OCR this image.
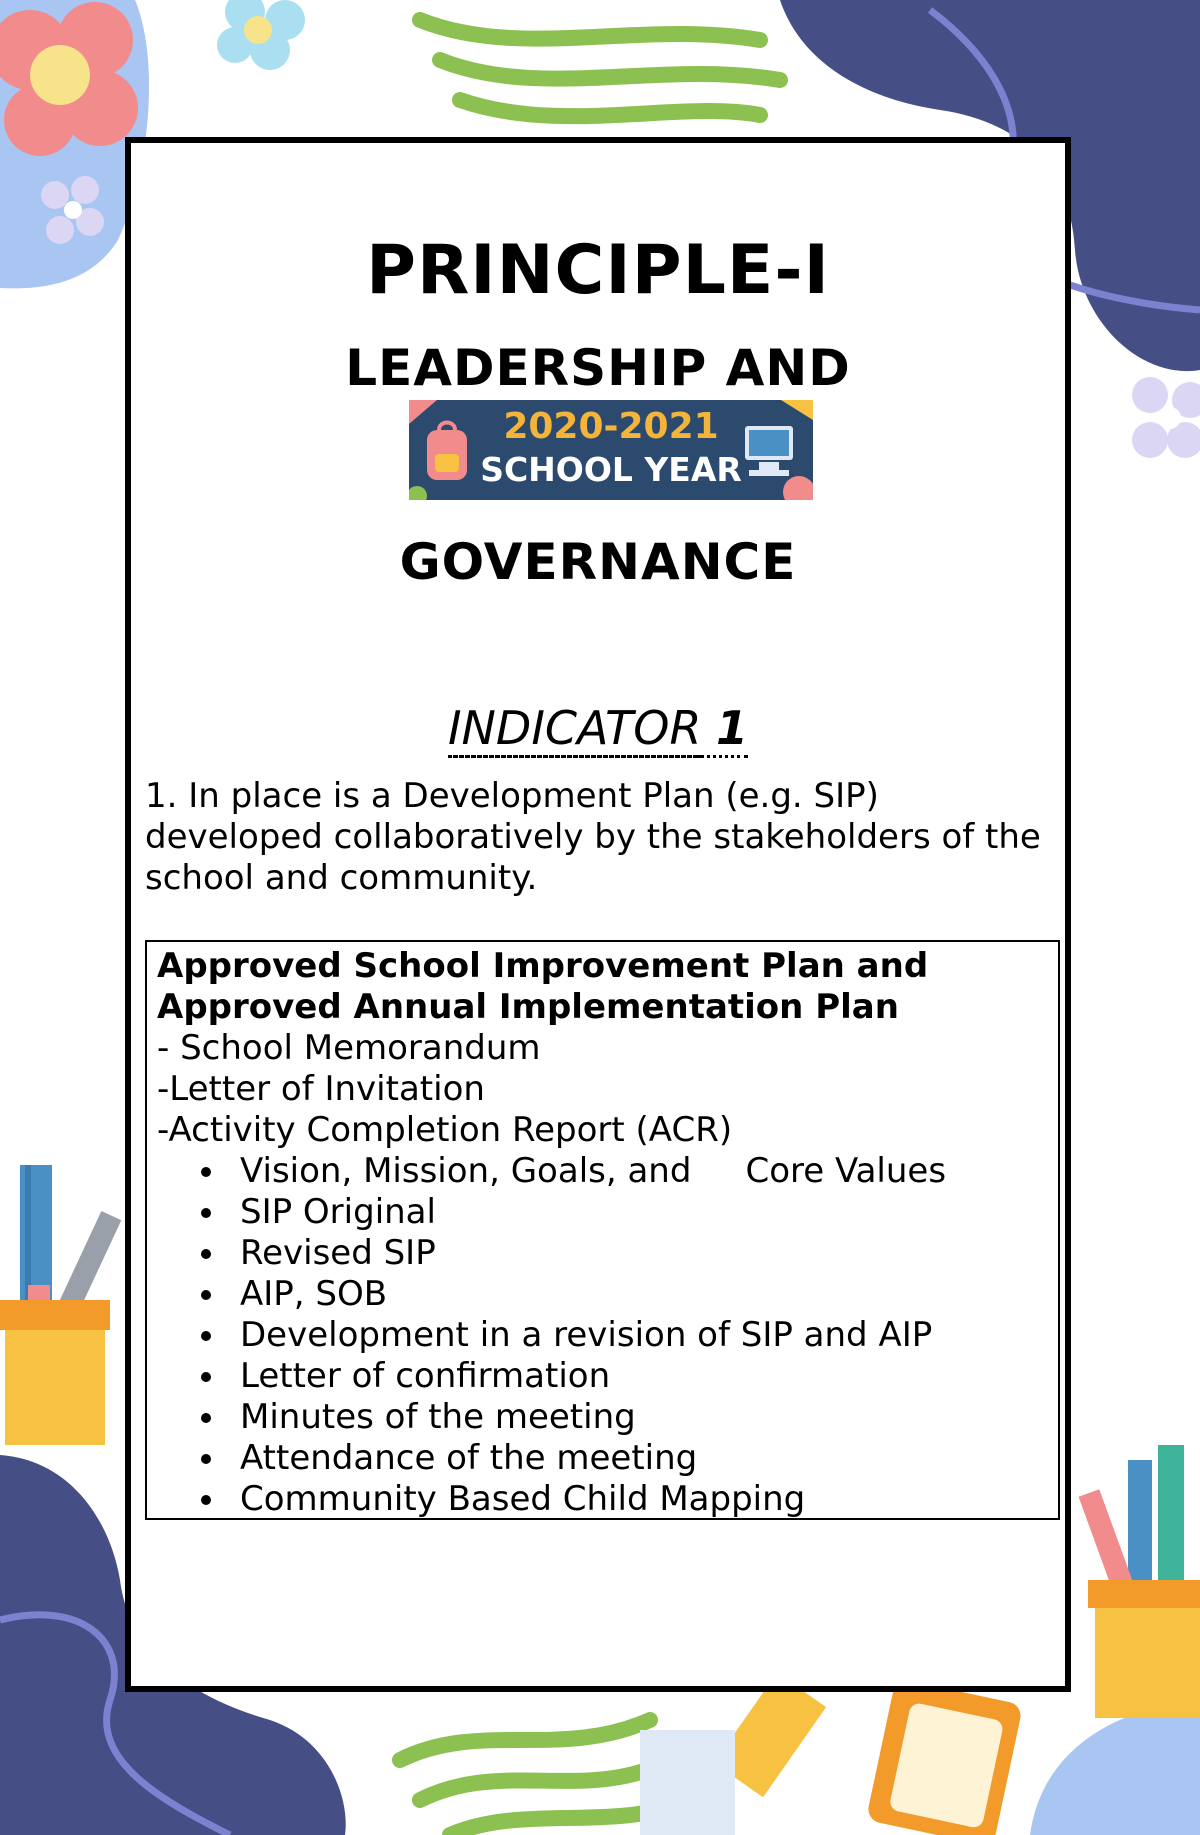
PRINCIPLE-I
LEADERSHIP AND
2020-2021
SCHOOL YEAR
GOVERNANCE
INDICATOR 1

1. In place is a Development Plan (e.g. SIP) developed collaboratively by the stakeholders of the school and community.

Approved School Improvement Plan and
Approved Annual Implementation Plan
- School Memorandum
-Letter of Invitation
-Activity Completion Report (ACR)
• Vision, Mission, Goals, and     Core Values
• SIP Original
• Revised SIP
• AIP, SOB
• Development in a revision of SIP and AIP
• Letter of confirmation
• Minutes of the meeting
• Attendance of the meeting
• Community Based Child Mapping
